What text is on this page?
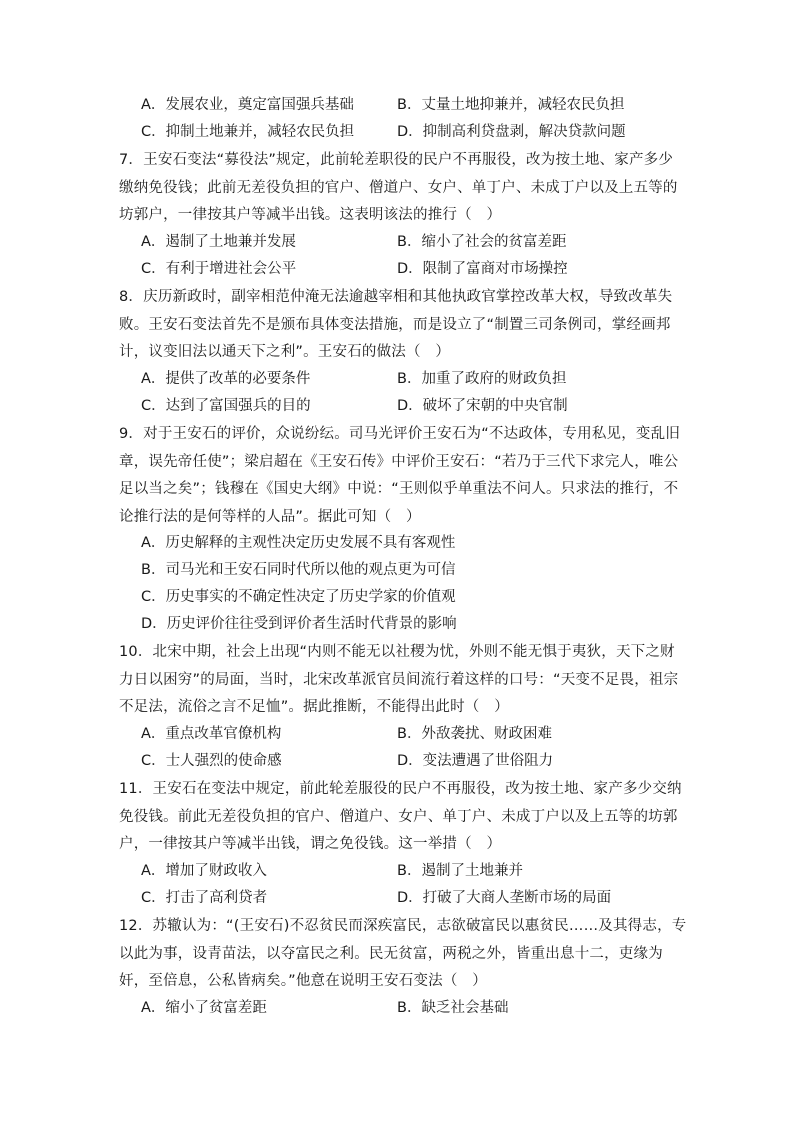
A．发展农业，奠定富国强兵基础	B．丈量土地抑兼并，减轻农民负担
C．抑制土地兼并，减轻农民负担	D．抑制高利贷盘剥，解决贷款问题

7．王安石变法“募役法”规定，此前轮差职役的民户不再服役，改为按土地、家产多少缴纳免役钱；此前无差役负担的官户、僧道户、女户、单丁户、未成丁户以及上五等的坊郭户，一律按其户等减半出钱。这表明该法的推行（　）

A．遏制了土地兼并发展	B．缩小了社会的贫富差距
C．有利于增进社会公平	D．限制了富商对市场操控

8．庆历新政时，副宰相范仲淹无法逾越宰相和其他执政官掌控改革大权，导致改革失败。王安石变法首先不是颁布具体变法措施，而是设立了“制置三司条例司，掌经画邦计，议变旧法以通天下之利”。王安石的做法（　）

A．提供了改革的必要条件	B．加重了政府的财政负担
C．达到了富国强兵的目的	D．破坏了宋朝的中央官制

9．对于王安石的评价，众说纷纭。司马光评价王安石为“不达政体，专用私见，变乱旧章，误先帝任使”；梁启超在《王安石传》中评价王安石：“若乃于三代下求完人，唯公足以当之矣”；钱穆在《国史大纲》中说：“王则似乎单重法不问人。只求法的推行，不论推行法的是何等样的人品”。据此可知（　）

A．历史解释的主观性决定历史发展不具有客观性
B．司马光和王安石同时代所以他的观点更为可信
C．历史事实的不确定性决定了历史学家的价值观
D．历史评价往往受到评价者生活时代背景的影响

10．北宋中期，社会上出现“内则不能无以社稷为忧，外则不能无惧于夷狄，天下之财力日以困穷”的局面，当时，北宋改革派官员间流行着这样的口号：“天变不足畏，祖宗不足法，流俗之言不足恤”。据此推断，不能得出此时（　）

A．重点改革官僚机构	B．外敌袭扰、财政困难
C．士人强烈的使命感	D．变法遭遇了世俗阻力

11．王安石在变法中规定，前此轮差服役的民户不再服役，改为按土地、家产多少交纳免役钱。前此无差役负担的官户、僧道户、女户、单丁户、未成丁户以及上五等的坊郭户，一律按其户等减半出钱，谓之免役钱。这一举措（　）

A．增加了财政收入	B．遏制了土地兼并
C．打击了高利贷者	D．打破了大商人垄断市场的局面

12．苏辙认为：“(王安石)不忍贫民而深疾富民，志欲破富民以惠贫民……及其得志，专以此为事，设青苗法，以夺富民之利。民无贫富，两税之外，皆重出息十二，吏缘为奸，至倍息，公私皆病矣。”他意在说明王安石变法（　）

A．缩小了贫富差距	B．缺乏社会基础
